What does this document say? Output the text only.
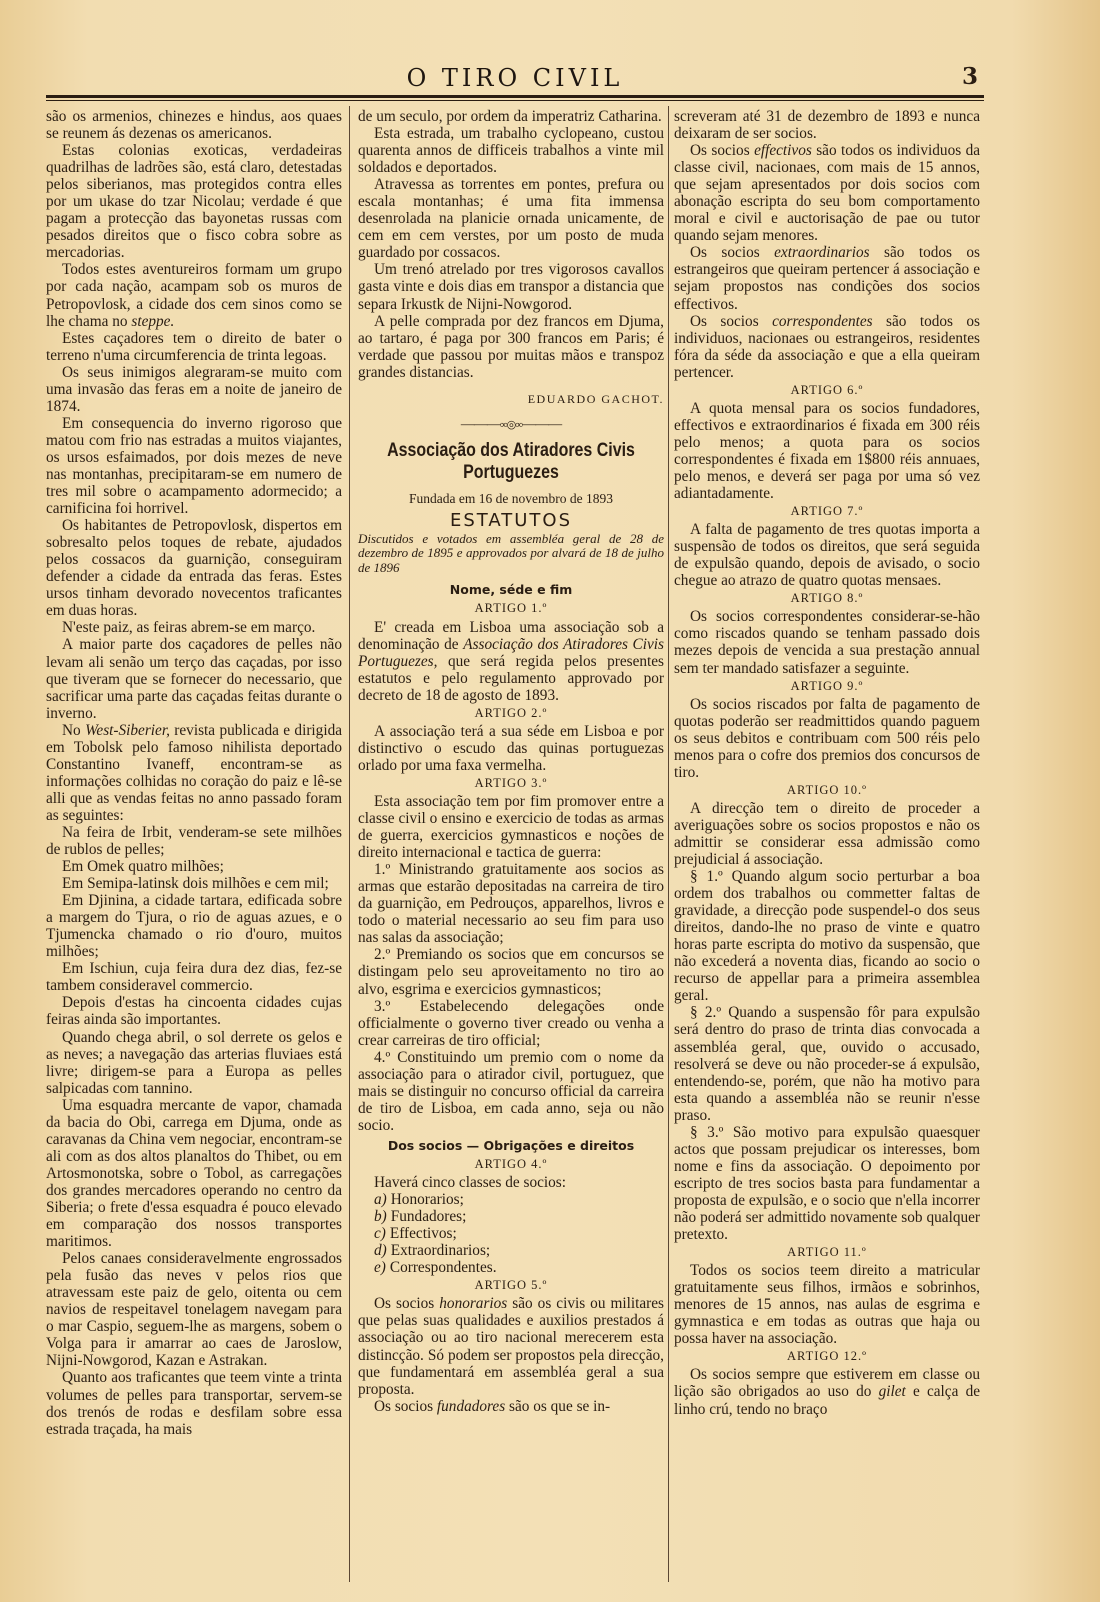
O TIRO CIVIL	3

são os armenios, chinezes e hindus, aos quaes se reunem ás dezenas os americanos.

Estas colonias exoticas, verdadeiras quadrilhas de ladrões são, está claro, detestadas pelos siberianos, mas protegidos contra elles por um ukase do tzar Nicolau; verdade é que pagam a protecção das bayonetas russas com pesados direitos que o fisco cobra sobre as mercadorias.

Todos estes aventureiros formam um grupo por cada nação, acampam sob os muros de Petropovlosk, a cidade dos cem sinos como se lhe chama no steppe.

Estes caçadores tem o direito de bater o terreno n'uma circumferencia de trinta legoas.

Os seus inimigos alegraram-se muito com uma invasão das feras em a noite de janeiro de 1874.

Em consequencia do inverno rigoroso que matou com frio nas estradas a muitos viajantes, os ursos esfaimados, por dois mezes de neve nas montanhas, precipitaram-se em numero de tres mil sobre o acampamento adormecido; a carnificina foi horrivel.

Os habitantes de Petropovlosk, dispertos em sobresalto pelos toques de rebate, ajudados pelos cossacos da guarnição, conseguiram defender a cidade da entrada das feras. Estes ursos tinham devorado novecentos traficantes em duas horas.

N'este paiz, as feiras abrem-se em março.

A maior parte dos caçadores de pelles não levam ali senão um terço das caçadas, por isso que tiveram que se fornecer do necessario, que sacrificar uma parte das caçadas feitas durante o inverno.

No West-Siberier, revista publicada e dirigida em Tobolsk pelo famoso nihilista deportado Constantino Ivaneff, encontram-se as informações colhidas no coração do paiz e lê-se alli que as vendas feitas no anno passado foram as seguintes:

Na feira de Irbit, venderam-se sete milhões de rublos de pelles;

Em Omek quatro milhões;

Em Semipa-latinsk dois milhões e cem mil;

Em Djinina, a cidade tartara, edificada sobre a margem do Tjura, o rio de aguas azues, e o Tjumencka chamado o rio d'ouro, muitos milhões;

Em Ischiun, cuja feira dura dez dias, fez-se tambem consideravel commercio.

Depois d'estas ha cincoenta cidades cujas feiras ainda são importantes.

Quando chega abril, o sol derrete os gelos e as neves; a navegação das arterias fluviaes está livre; dirigem-se para a Europa as pelles salpicadas com tannino.

Uma esquadra mercante de vapor, chamada da bacia do Obi, carrega em Djuma, onde as caravanas da China vem negociar, encontram-se ali com as dos altos planaltos do Thibet, ou em Artosmonotska, sobre o Tobol, as carregações dos grandes mercadores operando no centro da Siberia; o frete d'essa esquadra é pouco elevado em comparação dos nossos transportes maritimos.

Pelos canaes consideravelmente engrossados pela fusão das neves v pelos rios que atravessam este paiz de gelo, oitenta ou cem navios de respeitavel tonelagem navegam para o mar Caspio, seguem-lhe as margens, sobem o Volga para ir amarrar ao caes de Jaroslow, Nijni-Nowgorod, Kazan e Astrakan.

Quanto aos traficantes que teem vinte a trinta volumes de pelles para transportar, servem-se dos trenós de rodas e desfilam sobre essa estrada traçada, ha mais

de um seculo, por ordem da imperatriz Catharina.

Esta estrada, um trabalho cyclopeano, custou quarenta annos de difficeis trabalhos a vinte mil soldados e deportados.

Atravessa as torrentes em pontes, prefura ou escala montanhas; é uma fita immensa desenrolada na planicie ornada unicamente, de cem em cem verstes, por um posto de muda guardado por cossacos.

Um trenó atrelado por tres vigorosos cavallos gasta vinte e dois dias em transpor a distancia que separa Irkustk de Nijni-Nowgorod.

A pelle comprada por dez francos em Djuma, ao tartaro, é paga por 300 francos em Paris; é verdade que passou por muitas mãos e transpoz grandes distancias.

EDUARDO GACHOT.
———∞◎∞———
Associação dos Atiradores Civis Portuguezes
Fundada em 16 de novembro de 1893
ESTATUTOS
Discutidos e votados em assembléa geral de 28 de dezembro de 1895 e approvados por alvará de 18 de julho de 1896
Nome, séde e fim
ARTIGO 1.º

E' creada em Lisboa uma associação sob a denominação de Associação dos Atiradores Civis Portuguezes, que será regida pelos presentes estatutos e pelo regulamento approvado por decreto de 18 de agosto de 1893.

ARTIGO 2.º

A associação terá a sua séde em Lisboa e por distinctivo o escudo das quinas portuguezas orlado por uma faxa vermelha.

ARTIGO 3.º

Esta associação tem por fim promover entre a classe civil o ensino e exercicio de todas as armas de guerra, exercicios gymnasticos e noções de direito internacional e tactica de guerra:

1.º Ministrando gratuitamente aos socios as armas que estarão depositadas na carreira de tiro da guarnição, em Pedrouços, apparelhos, livros e todo o material necessario ao seu fim para uso nas salas da associação;

2.º Premiando os socios que em concursos se distingam pelo seu aproveitamento no tiro ao alvo, esgrima e exercicios gymnasticos;

3.º Estabelecendo delegações onde officialmente o governo tiver creado ou venha a crear carreiras de tiro official;

4.º Constituindo um premio com o nome da associação para o atirador civil, portuguez, que mais se distinguir no concurso official da carreira de tiro de Lisboa, em cada anno, seja ou não socio.

Dos socios — Obrigações e direitos
ARTIGO 4.º

Haverá cinco classes de socios:

a) Honorarios;

b) Fundadores;

c) Effectivos;

d) Extraordinarios;

e) Correspondentes.

ARTIGO 5.º

Os socios honorarios são os civis ou militares que pelas suas qualidades e auxilios prestados á associação ou ao tiro nacional merecerem esta distincção. Só podem ser propostos pela direcção, que fundamentará em assembléa geral a sua proposta.

Os socios fundadores são os que se in-

screveram até 31 de dezembro de 1893 e nunca deixaram de ser socios.

Os socios effectivos são todos os individuos da classe civil, nacionaes, com mais de 15 annos, que sejam apresentados por dois socios com abonação escripta do seu bom comportamento moral e civil e auctorisação de pae ou tutor quando sejam menores.

Os socios extraordinarios são todos os estrangeiros que queiram pertencer á associação e sejam propostos nas condições dos socios effectivos.

Os socios correspondentes são todos os individuos, nacionaes ou estrangeiros, residentes fóra da séde da associação e que a ella queiram pertencer.

ARTIGO 6.º

A quota mensal para os socios fundadores, effectivos e extraordinarios é fixada em 300 réis pelo menos; a quota para os socios correspondentes é fixada em 1$800 réis annuaes, pelo menos, e deverá ser paga por uma só vez adiantadamente.

ARTIGO 7.º

A falta de pagamento de tres quotas importa a suspensão de todos os direitos, que será seguida de expulsão quando, depois de avisado, o socio chegue ao atrazo de quatro quotas mensaes.

ARTIGO 8.º

Os socios correspondentes considerar-se-hão como riscados quando se tenham passado dois mezes depois de vencida a sua prestação annual sem ter mandado satisfazer a seguinte.

ARTIGO 9.º

Os socios riscados por falta de pagamento de quotas poderão ser readmittidos quando paguem os seus debitos e contribuam com 500 réis pelo menos para o cofre dos premios dos concursos de tiro.

ARTIGO 10.º

A direcção tem o direito de proceder a averiguações sobre os socios propostos e não os admittir se considerar essa admissão como prejudicial á associação.

§ 1.º Quando algum socio perturbar a boa ordem dos trabalhos ou commetter faltas de gravidade, a direcção pode suspendel-o dos seus direitos, dando-lhe no praso de vinte e quatro horas parte escripta do motivo da suspensão, que não excederá a noventa dias, ficando ao socio o recurso de appellar para a primeira assemblea geral.

§ 2.º Quando a suspensão fôr para expulsão será dentro do praso de trinta dias convocada a assembléa geral, que, ouvido o accusado, resolverá se deve ou não proceder-se á expulsão, entendendo-se, porém, que não ha motivo para esta quando a assembléa não se reunir n'esse praso.

§ 3.º São motivo para expulsão quaesquer actos que possam prejudicar os interesses, bom nome e fins da associação. O depoimento por escripto de tres socios basta para fundamentar a proposta de expulsão, e o socio que n'ella incorrer não poderá ser admittido novamente sob qualquer pretexto.

ARTIGO 11.º

Todos os socios teem direito a matricular gratuitamente seus filhos, irmãos e sobrinhos, menores de 15 annos, nas aulas de esgrima e gymnastica e em todas as outras que haja ou possa haver na associação.

ARTIGO 12.º

Os socios sempre que estiverem em classe ou lição são obrigados ao uso do gilet e calça de linho crú, tendo no braço
